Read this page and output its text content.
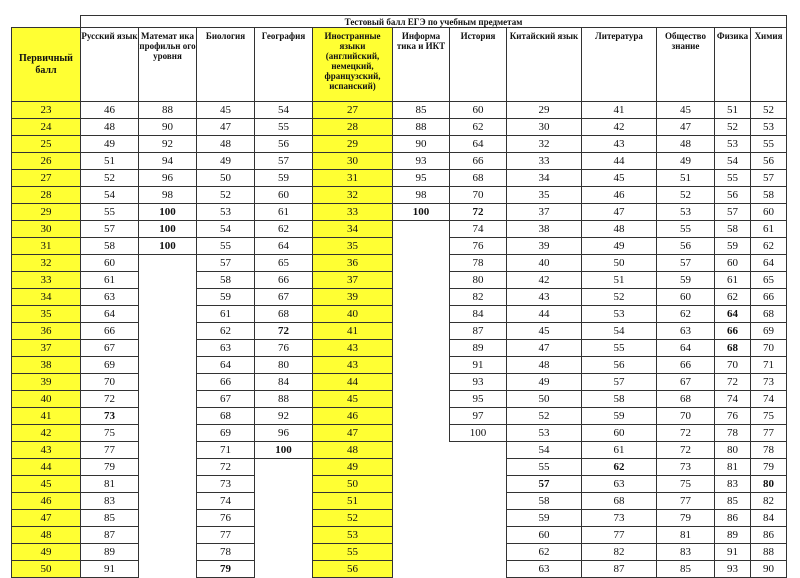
	Тестовый балл ЕГЭ по учебным предметам											
Первичный балл	Русский язык	Математ ика профильн ого уровня	Биология	География	Иностранные языки (английский, немецкий, французский, испанский)	Информа тика и ИКТ	История	Китайский язык	Литература	Общество знание	Физика	Химия
23	46	88	45	54	27	85	60	29	41	45	51	52
24	48	90	47	55	28	88	62	30	42	47	52	53
25	49	92	48	56	29	90	64	32	43	48	53	55
26	51	94	49	57	30	93	66	33	44	49	54	56
27	52	96	50	59	31	95	68	34	45	51	55	57
28	54	98	52	60	32	98	70	35	46	52	56	58
29	55	100	53	61	33	100	72	37	47	53	57	60
30	57	100	54	62	34		74	38	48	55	58	61
31	58	100	55	64	35		76	39	49	56	59	62
32	60		57	65	36		78	40	50	57	60	64
33	61		58	66	37		80	42	51	59	61	65
34	63		59	67	39		82	43	52	60	62	66
35	64		61	68	40		84	44	53	62	64	68
36	66		62	72	41		87	45	54	63	66	69
37	67		63	76	43		89	47	55	64	68	70
38	69		64	80	43		91	48	56	66	70	71
39	70		66	84	44		93	49	57	67	72	73
40	72		67	88	45		95	50	58	68	74	74
41	73		68	92	46		97	52	59	70	76	75
42	75		69	96	47		100	53	60	72	78	77
43	77		71	100	48			54	61	72	80	78
44	79		72		49			55	62	73	81	79
45	81		73		50			57	63	75	83	80
46	83		74		51			58	68	77	85	82
47	85		76		52			59	73	79	86	84
48	87		77		53			60	77	81	89	86
49	89		78		55			62	82	83	91	88
50	91		79		56			63	87	85	93	90
